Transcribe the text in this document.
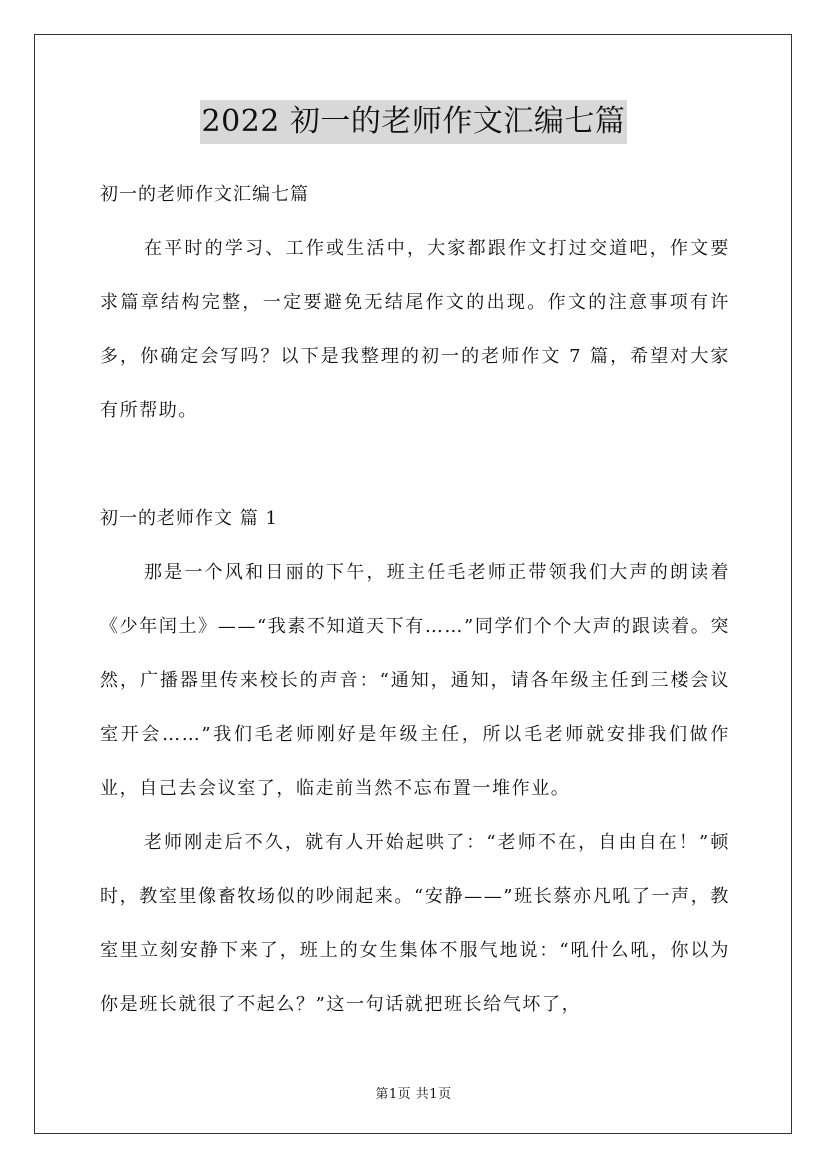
2022 初一的老师作文汇编七篇
初一的老师作文汇编七篇

在平时的学习、工作或生活中，大家都跟作文打过交道吧，作文要求篇章结构完整，一定要避免无结尾作文的出现。作文的注意事项有许多，你确定会写吗？以下是我整理的初一的老师作文 7 篇，希望对大家有所帮助。

初一的老师作文 篇 1

那是一个风和日丽的下午，班主任毛老师正带领我们大声的朗读着《少年闰土》——“我素不知道天下有……”同学们个个大声的跟读着。突然，广播器里传来校长的声音：“通知，通知，请各年级主任到三楼会议室开会……”我们毛老师刚好是年级主任，所以毛老师就安排我们做作业，自己去会议室了，临走前当然不忘布置一堆作业。

老师刚走后不久，就有人开始起哄了：“老师不在，自由自在！”顿时，教室里像畜牧场似的吵闹起来。“安静——”班长蔡亦凡吼了一声，教室里立刻安静下来了，班上的女生集体不服气地说：“吼什么吼，你以为你是班长就很了不起么？”这一句话就把班长给气坏了，

第1页 共1页
